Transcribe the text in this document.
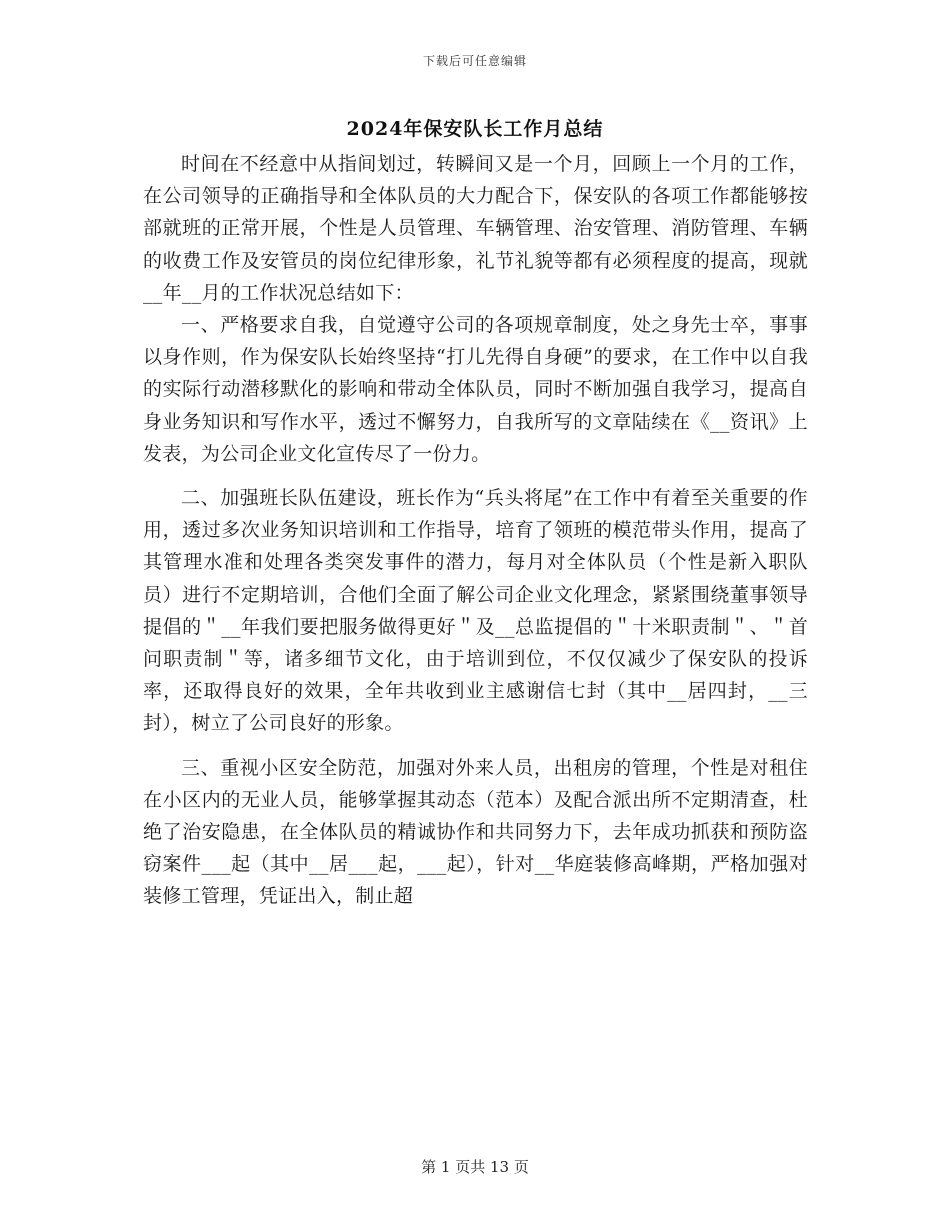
下载后可任意编辑
2024年保安队长工作月总结

时间在不经意中从指间划过，转瞬间又是一个月，回顾上一个月的工作，在公司领导的正确指导和全体队员的大力配合下，保安队的各项工作都能够按部就班的正常开展，个性是人员管理、车辆管理、治安管理、消防管理、车辆的收费工作及安管员的岗位纪律形象，礼节礼貌等都有必须程度的提高，现就__年__月的工作状况总结如下：

一、严格要求自我，自觉遵守公司的各项规章制度，处之身先士卒，事事以身作则，作为保安队长始终坚持“打儿先得自身硬”的要求，在工作中以自我的实际行动潜移默化的影响和带动全体队员，同时不断加强自我学习，提高自身业务知识和写作水平，透过不懈努力，自我所写的文章陆续在《__资讯》上发表，为公司企业文化宣传尽了一份力。

二、加强班长队伍建设，班长作为“兵头将尾”在工作中有着至关重要的作用，透过多次业务知识培训和工作指导，培育了领班的模范带头作用，提高了其管理水准和处理各类突发事件的潜力，每月对全体队员（个性是新入职队员）进行不定期培训，合他们全面了解公司企业文化理念，紧紧围绕董事领导提倡的＂__年我们要把服务做得更好＂及__总监提倡的＂十米职责制＂、＂首问职责制＂等，诸多细节文化，由于培训到位，不仅仅减少了保安队的投诉率，还取得良好的效果，全年共收到业主感谢信七封（其中__居四封，__三封），树立了公司良好的形象。

三、重视小区安全防范，加强对外来人员，出租房的管理，个性是对租住在小区内的无业人员，能够掌握其动态（范本）及配合派出所不定期清查，杜绝了治安隐患，在全体队员的精诚协作和共同努力下，去年成功抓获和预防盗窃案件___起（其中__居___起，___起），针对__华庭装修高峰期，严格加强对装修工管理，凭证出入，制止超

第 1 页共 13 页
